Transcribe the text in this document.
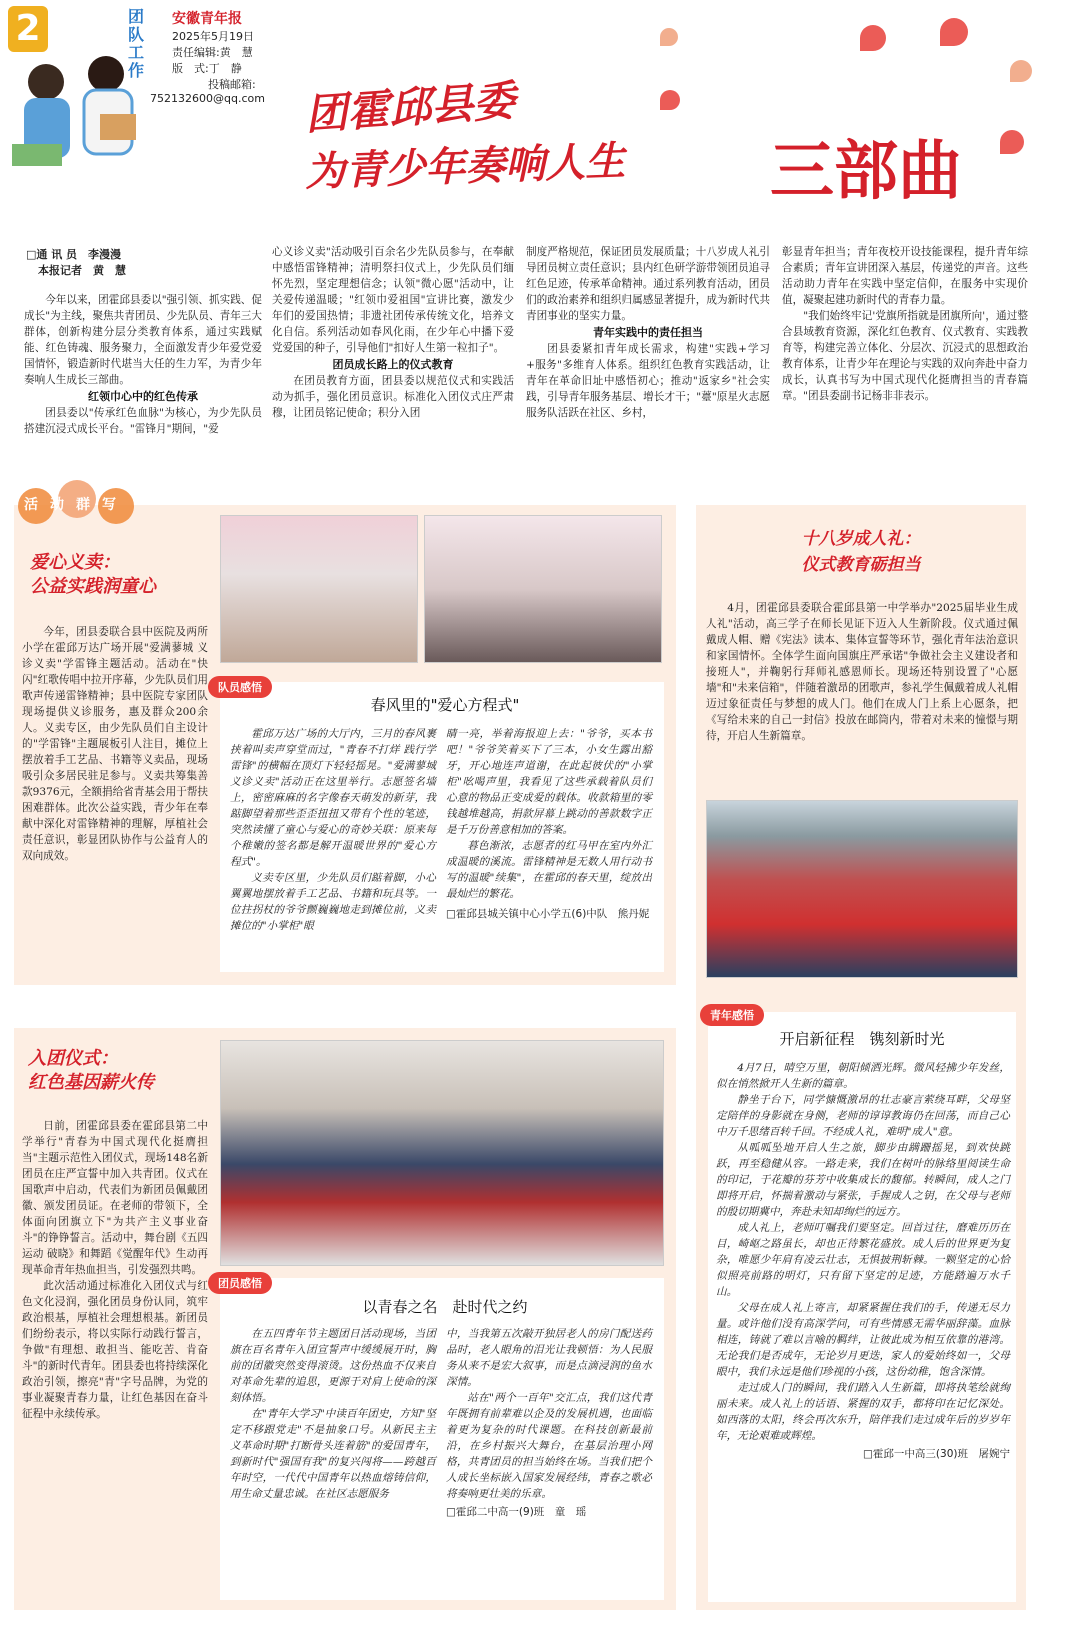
2	团队工作
安徽青年报
2025年5月19日
责任编辑:黄　慧
版　式:丁　静
投稿邮箱:
752132600@qq.com 团霍邱县委
为青少年奏响人生 三部曲
□通 讯 员　李漫漫
本报记者　黄　慧

今年以来，团霍邱县委以"强引领、抓实践、促成长"为主线，聚焦共青团员、少先队员、青年三大群体，创新构建分层分类教育体系，通过实践赋能、红色铸魂、服务聚力，全面激发青少年爱党爱国情怀，锻造新时代堪当大任的生力军，为青少年奏响人生成长三部曲。

红领巾心中的红色传承

团县委以"传承红色血脉"为核心，为少先队员搭建沉浸式成长平台。"雷锋月"期间，"爱

心义诊义卖"活动吸引百余名少先队员参与，在奉献中感悟雷锋精神；清明祭扫仪式上，少先队员们缅怀先烈，坚定理想信念；认领"微心愿"活动中，让关爱传递温暖；"红领巾爱祖国"宣讲比赛，激发少年们的爱国热情；非遗社团传承传统文化，培养文化自信。系列活动如春风化雨，在少年心中播下爱党爱国的种子，引导他们"扣好人生第一粒扣子"。

团员成长路上的仪式教育

在团员教育方面，团县委以规范仪式和实践活动为抓手，强化团员意识。标准化入团仪式庄严肃穆，让团员铭记使命；积分入团

制度严格规范，保证团员发展质量；十八岁成人礼引导团员树立责任意识；县内红色研学游带领团员追寻红色足迹，传承革命精神。通过系列教育活动，团员们的政治素养和组织归属感显著提升，成为新时代共青团事业的坚实力量。

青年实践中的责任担当

团县委紧扣青年成长需求，构建"实践+学习+服务"多维育人体系。组织红色教育实践活动，让青年在革命旧址中感悟初心；推动"返家乡"社会实践，引导青年服务基层、增长才干；"薹"原星火志愿服务队活跃在社区、乡村，

彰显青年担当；青年夜校开设技能课程，提升青年综合素质；青年宣讲团深入基层，传递党的声音。这些活动助力青年在实践中坚定信仰，在服务中实现价值，凝聚起建功新时代的青春力量。

"我们始终牢记'党旗所指就是团旗所向'，通过整合县域教育资源，深化红色教育、仪式教育、实践教育等，构建完善立体化、分层次、沉浸式的思想政治教育体系，让青少年在理论与实践的双向奔赴中奋力成长，认真书写为中国式现代化挺膺担当的青春篇章。"团县委副书记杨非非表示。

活动群写
爱心义卖：
公益实践润童心

今年，团县委联合县中医院及两所小学在霍邱万达广场开展"爱满蓼城 义诊义卖"学雷锋主题活动。活动在"快闪"红歌传唱中拉开序幕，少先队员们用歌声传递雷锋精神；县中医院专家团队现场提供义诊服务，惠及群众200余人。义卖专区，由少先队员们自主设计的"学雷锋"主题展板引人注目，摊位上摆放着手工艺品、书籍等义卖品，现场吸引众多居民驻足参与。义卖共筹集善款9376元，全额捐给省青基会用于帮扶困难群体。此次公益实践，青少年在奉献中深化对雷锋精神的理解，厚植社会责任意识，彰显团队协作与公益育人的双向成效。

队员感悟
春风里的"爱心方程式"

霍邱万达广场的大厅内，三月的春风裹挟着叫卖声穿堂而过，"青春不打烊 践行学雷锋"的横幅在顶灯下轻轻摇晃。"爱满蓼城 义诊义卖"活动正在这里举行。志愿签名墙上，密密麻麻的名字像春天萌发的新芽，我踮脚望着那些歪歪扭扭又带有个性的笔迹，突然读懂了童心与爱心的奇妙关联：原来每个稚嫩的签名都是解开温暖世界的"爱心方程式"。

义卖专区里，少先队员们踮着脚，小心翼翼地摆放着手工艺品、书籍和玩具等。一位拄拐杖的爷爷颤巍巍地走到摊位前，义卖摊位的"小掌柜"眼

睛一亮，举着海报迎上去："爷爷，买本书吧！"爷爷笑着买下了三本，小女生露出豁牙，开心地连声道谢，在此起彼伏的"小掌柜"吆喝声里，我看见了这些承载着队员们心意的物品正变成爱的载体。收款箱里的零钱越堆越高，捐款屏幕上跳动的善款数字正是千万份善意相加的答案。

暮色渐浓，志愿者的红马甲在室内外汇成温暖的溪流。雷锋精神是无数人用行动书写的温暖"续集"，在霍邱的春天里，绽放出最灿烂的繁花。

□霍邱县城关镇中心小学五(6)中队　熊丹妮

十八岁成人礼：
仪式教育砺担当

4月，团霍邱县委联合霍邱县第一中学举办"2025届毕业生成人礼"活动，高三学子在师长见证下迈入人生新阶段。仪式通过佩戴成人帽、赠《宪法》读本、集体宣誓等环节，强化青年法治意识和家国情怀。全体学生面向国旗庄严承诺"争做社会主义建设者和接班人"，并鞠躬行拜师礼感恩师长。现场还特别设置了"心愿墙"和"未来信箱"，伴随着激昂的团歌声，参礼学生佩戴着成人礼帽迈过象征责任与梦想的成人门。他们在成人门上系上心愿条，把《写给未来的自己一封信》投放在邮筒内，带着对未来的憧憬与期待，开启人生新篇章。

青年感悟
开启新征程　镌刻新时光

4月7日，晴空万里，朝阳倾洒光辉。微风轻拂少年发丝，似在悄然掀开人生新的篇章。

静坐于台下，同学慷慨激昂的壮志豪言萦绕耳畔，父母坚定陪伴的身影就在身侧，老师的谆谆教诲仍在回荡，而自己心中万千思绪百转千回。不经成人礼，难明"成人"意。

从呱呱坠地开启人生之旅，脚步由蹒跚摇晃，到欢快跳跃，再至稳健从容。一路走来，我们在树叶的脉络里阅读生命的印记，于花瓣的芬芳中收集成长的馥郁。转瞬间，成人之门即将开启，怀揣着激动与紧张，手握成人之钥，在父母与老师的殷切期冀中，奔赴未知却绚烂的远方。

成人礼上，老师叮嘱我们要坚定。回首过往，磨难历历在目，崎岖之路虽长，却也正待繁花盛放。成人后的世界更为复杂，唯愿少年肩有凌云壮志，无惧披荆斩棘。一颗坚定的心恰似照亮前路的明灯，只有留下坚定的足迹，方能踏遍万水千山。

父母在成人礼上寄言，却紧紧握住我们的手，传递无尽力量。或许他们没有高深学问，可有些情感无需华丽辞藻。血脉相连，铸就了难以言喻的羁绊，让彼此成为相互依靠的港湾。无论我们是否成年，无论岁月更迭，家人的爱始终如一，父母眼中，我们永远是他们珍视的小孩，这份幼稚，饱含深情。

走过成人门的瞬间，我们踏入人生新篇，即将执笔绘就绚丽未来。成人礼上的话语、紧握的双手，都将印在记忆深处。如西落的太阳，终会再次东升，陪伴我们走过成年后的岁岁年年，无论艰难或辉煌。

□霍邱一中高三(30)班　屠婉宁

入团仪式：
红色基因薪火传

日前，团霍邱县委在霍邱县第二中学举行"青春为中国式现代化挺膺担当"主题示范性入团仪式，现场148名新团员在庄严宣誓中加入共青团。仪式在国歌声中启动，代表们为新团员佩戴团徽、颁发团员证。在老师的带领下，全体面向团旗立下"为共产主义事业奋斗"的铮铮誓言。活动中，舞台剧《五四运动 破晓》和舞蹈《觉醒年代》生动再现革命青年热血担当，引发强烈共鸣。

此次活动通过标准化入团仪式与红色文化浸润，强化团员身份认同，筑牢政治根基，厚植社会理想根基。新团员们纷纷表示，将以实际行动践行誓言，争做"有理想、敢担当、能吃苦、肯奋斗"的新时代青年。团县委也将持续深化政治引领，擦亮"青"字号品牌，为党的事业凝聚青春力量，让红色基因在奋斗征程中永续传承。

团员感悟
以青春之名　赴时代之约

在五四青年节主题团日活动现场，当团旗在百名青年入团宣誓声中缓缓展开时，胸前的团徽突然变得滚烫。这份热血不仅来自对革命先辈的追思，更源于对肩上使命的深刻体悟。

在"青年大学习"中读百年团史，方知"坚定不移跟党走"不是抽象口号。从新民主主义革命时期"打断骨头连着筋"的爱国青年，到新时代"强国有我"的复兴闯将——跨越百年时空，一代代中国青年以热血熔铸信仰，用生命丈量忠诚。在社区志愿服务

中，当我第五次敲开独居老人的房门配送药品时，老人眼角的泪光让我顿悟：为人民服务从来不是宏大叙事，而是点滴浸润的鱼水深情。

站在"两个一百年"交汇点，我们这代青年既拥有前辈难以企及的发展机遇，也面临着更为复杂的时代课题。在科技创新最前沿，在乡村振兴大舞台，在基层治理小网格，共青团员的担当始终在场。当我们把个人成长坐标嵌入国家发展经纬，青春之歌必将奏响更壮美的乐章。

□霍邱二中高一(9)班　童　瑶
